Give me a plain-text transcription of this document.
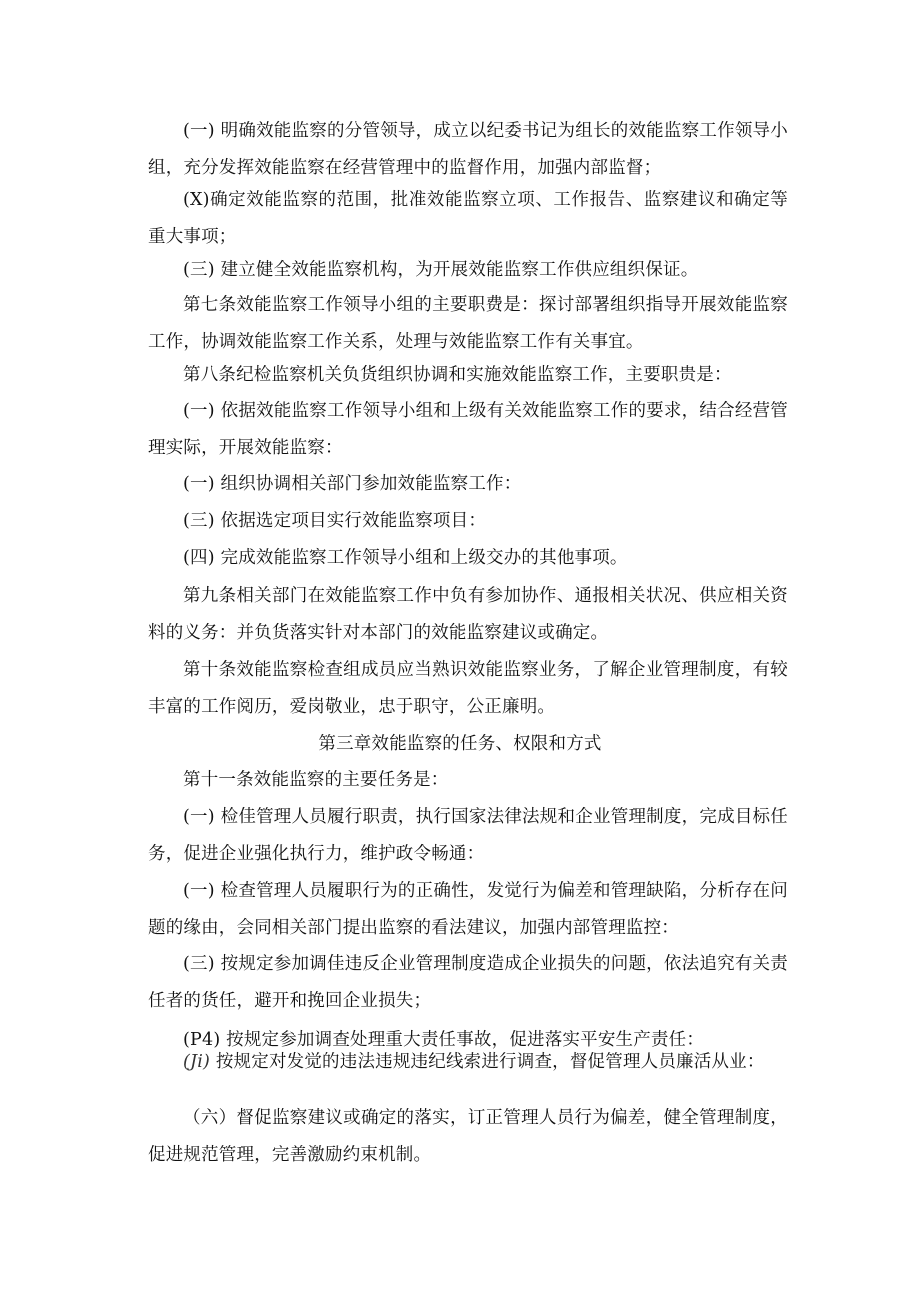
(一) 明确效能监察的分管领导，成立以纪委书记为组长的效能监察工作领导小组，充分发挥效能监察在经营管理中的监督作用，加强内部监督；
(X)确定效能监察的范围，批准效能监察立项、工作报告、监察建议和确定等重大事项；
(三) 建立健全效能监察机构，为开展效能监察工作供应组织保证。
第七条效能监察工作领导小组的主要职费是：探讨部署组织指导开展效能监察工作，协调效能监察工作关系，处理与效能监察工作有关事宜。
第八条纪检监察机关负货组织协调和实施效能监察工作，主要职贵是：
(一) 依据效能监察工作领导小组和上级有关效能监察工作的要求，结合经营管理实际，开展效能监察：
(一) 组织协调相关部门参加效能监察工作：
(三) 依据选定项目实行效能监察项目：
(四) 完成效能监察工作领导小组和上级交办的其他事项。
第九条相关部门在效能监察工作中负有参加协作、通报相关状况、供应相关资料的义务：并负货落实针对本部门的效能监察建议或确定。
第十条效能监察检查组成员应当熟识效能监察业务，了解企业管理制度，有较丰富的工作阅历，爱岗敬业，忠于职守，公正廉明。
第三章效能监察的任务、权限和方式
第十一条效能监察的主要任务是：
(一) 检佳管理人员履行职责，执行国家法律法规和企业管理制度，完成目标任务，促进企业强化执行力，维护政令畅通：
(一) 检查管理人员履职行为的正确性，发觉行为偏差和管理缺陷，分析存在问题的缘由，会同相关部门提出监察的看法建议，加强内部管理监控：
(三) 按规定参加调佳违反企业管理制度造成企业损失的问题，依法追究有关责任者的货任，避开和挽回企业损失；
(P4) 按规定参加调查处理重大责任事故，促进落实平安生产责任：
(Ji) 按规定对发觉的违法违规违纪线索进行调查，督促管理人员廉活从业：
（六）督促监察建议或确定的落实，订正管理人员行为偏差，健全管理制度，促进规范管理，完善激励约束机制。
